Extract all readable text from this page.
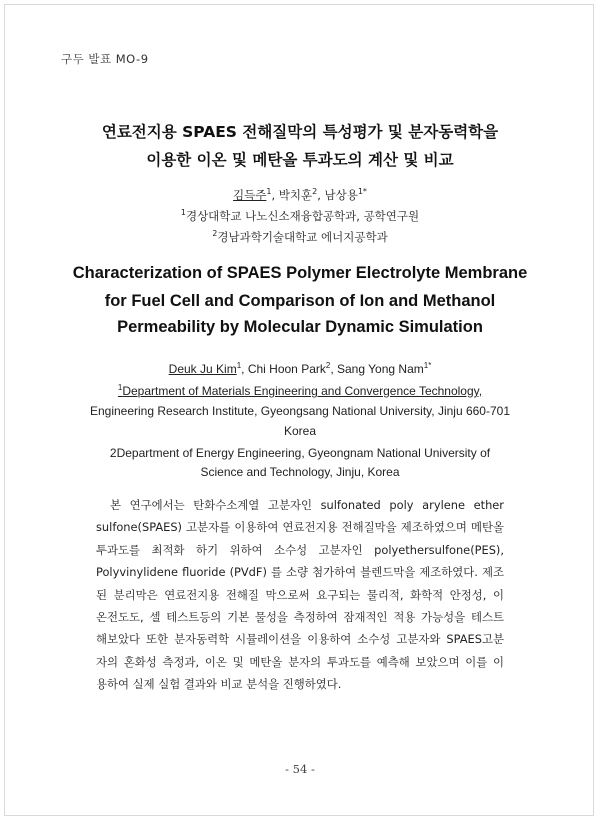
구두 발표 MO-9
연료전지용 SPAES 전해질막의 특성평가 및 분자동력학을
이용한 이온 및 메탄올 투과도의 계산 및 비교
김득주$^1$, 박치훈$^2$, 남상용$^{1*}$
$^1$경상대학교 나노신소재융합공학과, 공학연구원
$^2$경남과학기술대학교 에너지공학과
Characterization of SPAES Polymer Electrolyte Membrane
for Fuel Cell and Comparison of Ion and Methanol
Permeability by Molecular Dynamic Simulation
Deuk Ju Kim$^1$, Chi Hoon Park$^2$, Sang Yong Nam$^{1*}$
$^1$Department of Materials Engineering and Convergence Technology,
Engineering Research Institute, Gyeongsang National University, Jinju 660-701
Korea
2Department of Energy Engineering, Gyeongnam National University of
Science and Technology, Jinju, Korea
본 연구에서는 탄화수소계열 고분자인 sulfonated poly arylene ether
sulfone(SPAES) 고분자를 이용하여 연료전지용 전해질막을 제조하였으며 메탄올
투과도를 최적화 하기 위하여 소수성 고분자인 polyethersulfone(PES),
Polyvinylidene fluoride (PVdF) 를 소량 첨가하여 블렌드막을 제조하였다. 제조
된 분리막은 연료전지용 전해질 막으로써 요구되는 물리적, 화학적 안정성, 이
온전도도, 셀 테스트등의 기본 물성을 측정하여 잠재적인 적용 가능성을 테스트
해보았다 또한 분자동력학 시뮬레이션을 이용하여 소수성 고분자와 SPAES고분
자의 혼화성 측정과, 이온 및 메탄올 분자의 투과도를 예측해 보았으며 이를 이
용하여 실제 실험 결과와 비교 분석을 진행하였다.
- 54 -
